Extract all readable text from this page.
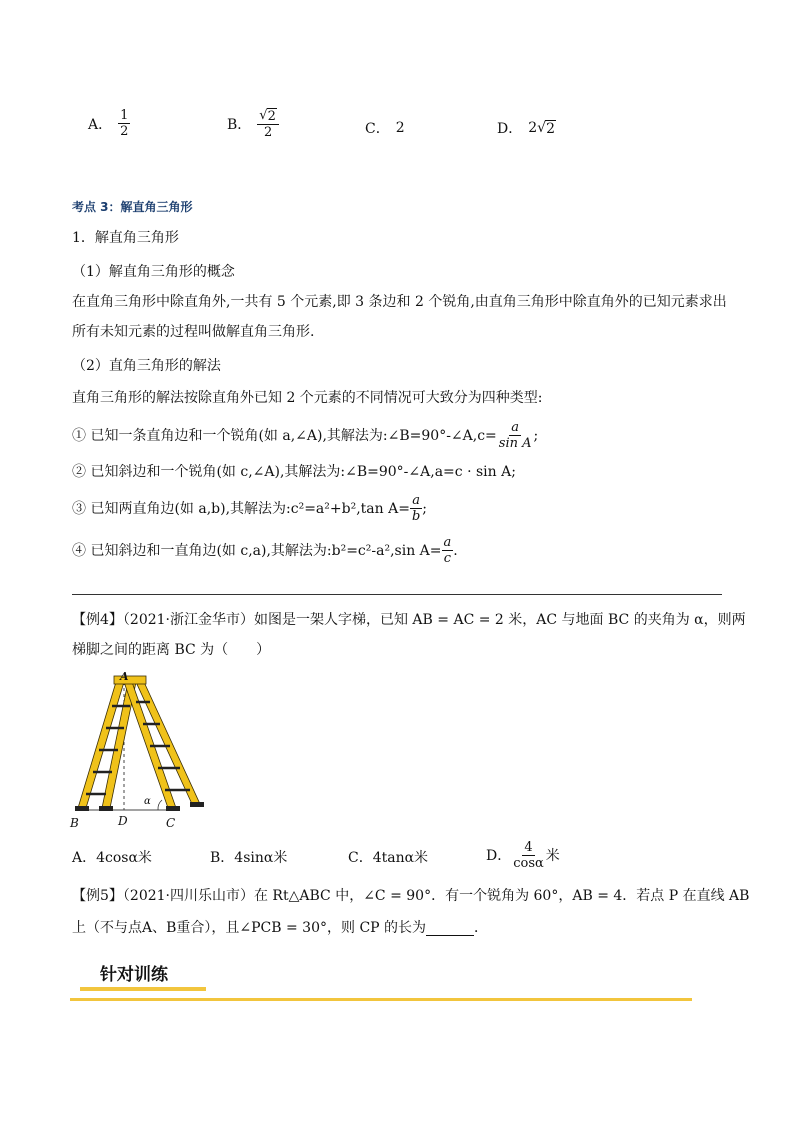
A． $\frac{1}{2}$	B． $\frac{√ 2}{2}$	C． 2	D． 2√ 2
考点 3：解直角三角形
1．解直角三角形
（1）解直角三角形的概念
在直角三角形中除直角外,一共有 5 个元素,即 3 条边和 2 个锐角,由直角三角形中除直角外的已知元素求出
所有未知元素的过程叫做解直角三角形.
（2）直角三角形的解法
直角三角形的解法按除直角外已知 2 个元素的不同情况可大致分为四种类型:
① 已知一条直角边和一个锐角(如 a,∠A),其解法为:∠B=90°-∠A,c= $\frac{a}{\text{sin A}}$ ;
② 已知斜边和一个锐角(如 c,∠A),其解法为:∠B=90°-∠A,a=c · sin A;
③ 已知两直角边(如 a,b),其解法为:c²=a²+b²,tan $A= \frac{a}{b}$ ;
④ 已知斜边和一直角边(如 c,a),其解法为:b²=c²-a²,sin $A= \frac{a}{c}$ .
【例4】（2021·浙江金华市）如图是一架人字梯，已知 AB = AC = 2 米，AC 与地面 BC 的夹角为 α，则两
梯脚之间的距离 BC 为（　　）
A
B	D	C
α
A．4cosα米	B．4sinα米	C．4tanα米	D． $\frac{4}{\cos\alpha}$ 米
【例5】（2021·四川乐山市）在 Rt△ABC 中，∠C = 90°．有一个锐角为 60°，AB = 4．若点 P 在直线 AB
上（不与点A、B重合），且∠PCB = 30°，则 CP 的长为	．
针对训练
